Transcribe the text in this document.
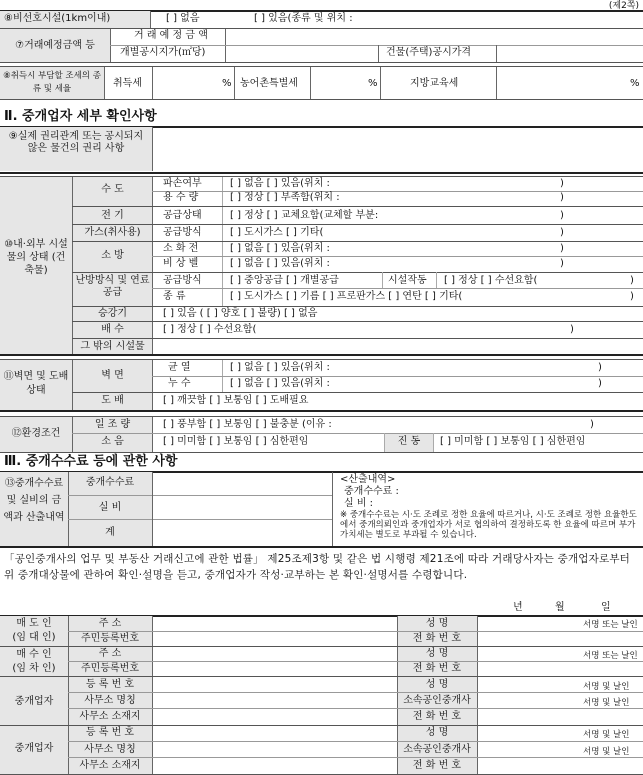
(제2쪽)
⑧비선호시설(1km이내)	[ ] 없음	[ ] 있음(종류 및 위치 :
⑦거래예정금액 등
거 래 예 정 금 액
개별공시지가(㎡당)	건물(주택)공시가격
⑧취득시 부담할 조세의 종류 및 세율	취득세	% 농어촌특별세	%	지방교육세	%
Ⅱ. 중개업자 세부 확인사항
⑨실제 권리관계 또는 공시되지 않은 물건의 권리 사항
⑩내·외부 시설물의 상태 (건축물)
수 도
파손여부	[ ] 없음 [ ] 있음(위치 :	)
용 수 량	[ ] 정상 [ ] 부족함(위치 :	)
전 기	공급상태	[ ] 정상 [ ] 교체요함(교체할 부분:	)
가스(취사용)	공급방식	[ ] 도시가스 [ ] 기타(	)
소 방
소 화 전	[ ] 없음 [ ] 있음(위치 :	)
비 상 벨	[ ] 없음 [ ] 있음(위치 :	)
난방방식 및 연료공급
공급방식	[ ] 중앙공급 [ ] 개별공급	시설작동 [ ] 정상 [ ] 수선요함(	)
종 류	[ ] 도시가스 [ ] 기름 [ ] 프로판가스 [ ] 연탄 [ ] 기타(	)
승강기	[ ] 있음 ( [ ] 양호 [ ] 불량) [ ] 없음
배 수	[ ] 정상 [ ] 수선요함(	)
그 밖의 시설물
⑪벽면 및 도배상태
벽 면
균 열	[ ] 없음 [ ] 있음(위치 :	)
누 수	[ ] 없음 [ ] 있음(위치 :	)
도 배	[ ] 깨끗함 [ ] 보통임 [ ] 도배필요
⑫환경조건
일 조 량	[ ] 풍부함 [ ] 보통임 [ ] 불충분 (이유 :	)
소 음	[ ] 미미함 [ ] 보통임 [ ] 심한편임	진 동	[ ] 미미함 [ ] 보통임 [ ] 심한편임
Ⅲ. 중개수수료 등에 관한 사항
⑬중개수수료 및 실비의 금액과 산출내역
중개수수료
실 비
계
<산출내역>
중개수수료 :
실 비 :
※ 중개수수료는 시·도 조례로 정한 요율에 따르거나, 시·도 조례로 정한 요율한도에서 중개의뢰인과 중개업자가 서로 협의하여 결정하도록 한 요율에 따르며 부가가치세는 별도로 부과될 수 있습니다.
「공인중개사의 업무 및 부동산 거래신고에 관한 법률」 제25조제3항 및 같은 법 시행령 제21조에 따라 거래당사자는 중개업자로부터 위 중개대상물에 관하여 확인·설명을 듣고, 중개업자가 작성·교부하는 본 확인·설명서를 수령합니다.
년	월	일
매 도 인
(임 대 인)
주 소	성 명	서명 또는 날인
주민등록번호	전 화 번 호
매 수 인
(임 차 인)
주 소	성 명	서명 또는 날인
주민등록번호	전 화 번 호
중개업자
등 록 번 호	성 명	서명 및 날인
사무소 명칭	소속공인중개사	서명 및 날인
사무소 소재지	전 화 번 호
중개업자
등 록 번 호	성 명	서명 및 날인
사무소 명칭	소속공인중개사	서명 및 날인
사무소 소재지	전 화 번 호
